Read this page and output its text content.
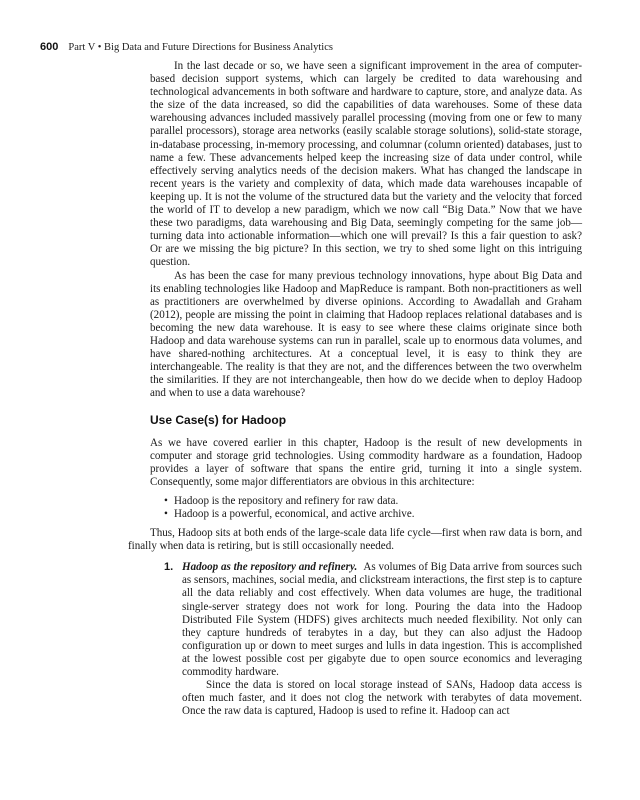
600 Part V • Big Data and Future Directions for Business Analytics

In the last decade or so, we have seen a significant improvement in the area of computer-based decision support systems, which can largely be credited to data warehousing and technological advancements in both software and hardware to capture, store, and analyze data. As the size of the data increased, so did the capabilities of data warehouses. Some of these data warehousing advances included massively parallel processing (moving from one or few to many parallel processors), storage area networks (easily scalable storage solutions), solid-state storage, in-database processing, in-memory processing, and columnar (column oriented) databases, just to name a few. These advancements helped keep the increasing size of data under control, while effectively serving analytics needs of the decision makers. What has changed the landscape in recent years is the variety and complexity of data, which made data warehouses incapable of keeping up. It is not the volume of the structured data but the variety and the velocity that forced the world of IT to develop a new paradigm, which we now call “Big Data.” Now that we have these two paradigms, data warehousing and Big Data, seemingly competing for the same job—turning data into actionable information—which one will prevail? Is this a fair question to ask? Or are we missing the big picture? In this section, we try to shed some light on this intriguing question.

As has been the case for many previous technology innovations, hype about Big Data and its enabling technologies like Hadoop and MapReduce is rampant. Both non-practitioners as well as practitioners are overwhelmed by diverse opinions. According to Awadallah and Graham (2012), people are missing the point in claiming that Hadoop replaces relational databases and is becoming the new data warehouse. It is easy to see where these claims originate since both Hadoop and data warehouse systems can run in parallel, scale up to enormous data volumes, and have shared-nothing architectures. At a conceptual level, it is easy to think they are interchangeable. The reality is that they are not, and the differences between the two overwhelm the similarities. If they are not interchangeable, then how do we decide when to deploy Hadoop and when to use a data warehouse?

Use Case(s) for Hadoop

As we have covered earlier in this chapter, Hadoop is the result of new developments in computer and storage grid technologies. Using commodity hardware as a foundation, Hadoop provides a layer of software that spans the entire grid, turning it into a single system. Consequently, some major differentiators are obvious in this architecture:

• Hadoop is the repository and refinery for raw data.
• Hadoop is a powerful, economical, and active archive.

Thus, Hadoop sits at both ends of the large-scale data life cycle—first when raw data is born, and finally when data is retiring, but is still occasionally needed.

1. Hadoop as the repository and refinery. As volumes of Big Data arrive from sources such as sensors, machines, social media, and clickstream interactions, the first step is to capture all the data reliably and cost effectively. When data volumes are huge, the traditional single-server strategy does not work for long. Pouring the data into the Hadoop Distributed File System (HDFS) gives architects much needed flexibility. Not only can they capture hundreds of terabytes in a day, but they can also adjust the Hadoop configuration up or down to meet surges and lulls in data ingestion. This is accomplished at the lowest possible cost per gigabyte due to open source economics and leveraging commodity hardware.

Since the data is stored on local storage instead of SANs, Hadoop data access is often much faster, and it does not clog the network with terabytes of data movement. Once the raw data is captured, Hadoop is used to refine it. Hadoop can act
